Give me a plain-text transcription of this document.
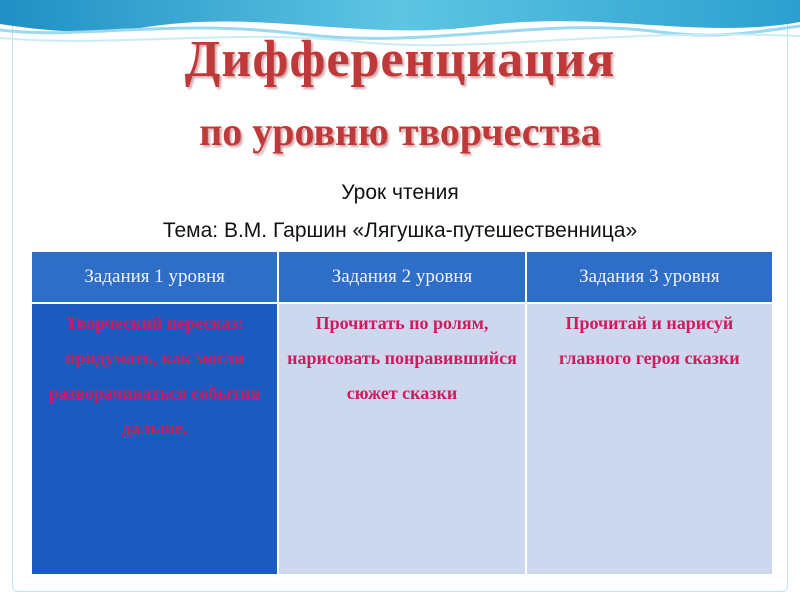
Дифференциация
по уровню творчества
Урок чтения
Тема: В.М. Гаршин «Лягушка-путешественница»
Задания 1 уровня	Задания 2 уровня	Задания 3 уровня
Творческий пересказ: придумать, как могли разворачиваться события дальше.	Прочитать по ролям, нарисовать понравившийся сюжет сказки	Прочитай и нарисуй главного героя сказки
